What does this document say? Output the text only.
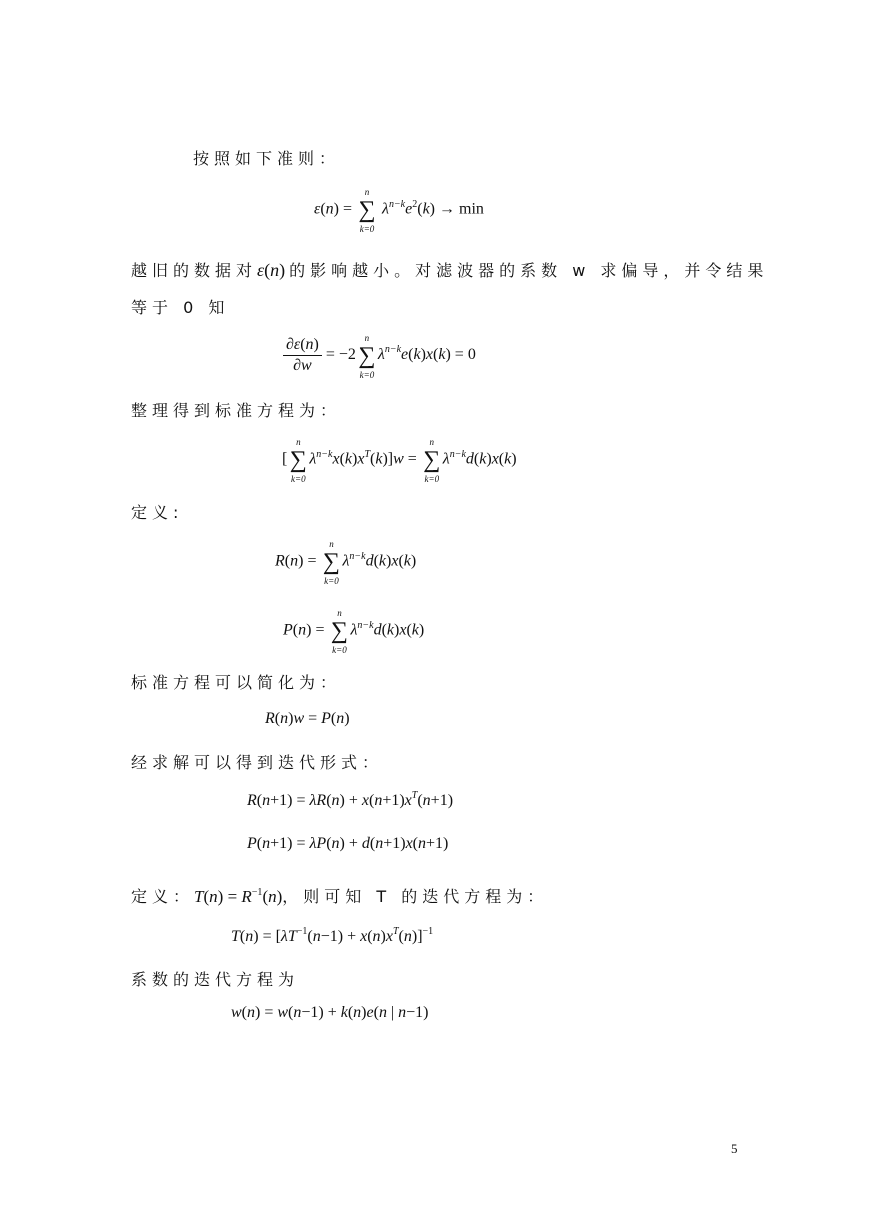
按照如下准则：
ε(n) =
n
∑
k=0
$\lambda^{n-k}e^2(k) \to \min$
越旧的数据对ε(n) 的影响越小。对滤波器的系数 w 求偏导，并令结果
等于 0 知
$\frac{\partial\varepsilon(n)}{\partial w} = -2$
n
∑
k=0
$\lambda^{n-k}e(k)x(k) = 0$
整理得到标准方程为：
[
n
∑
k=0
$\lambda^{n-k}x(k)x^T(k)]w$ =
n
∑
k=0
$\lambda^{n-k}d(k)x(k)$
定义:
R(n) =
n
∑
k=0
$\lambda^{n-k}d(k)x(k)$
P(n) =
n
∑
k=0
$\lambda^{n-k}d(k)x(k)$
标准方程可以简化为：
R(n)w = P(n)
经求解可以得到迭代形式：
$R(n+1) = \lambda R(n) + x(n+1)x^T(n+1)$
P(n+1) = λP(n) + d(n+1)x(n+1)
定义：$T(n) = R^{-1}(n)$，则可知 T 的迭代方程为：
$T(n) = [\lambda T^{-1}(n-1) + x(n)x^T(n)]^{-1}$
系数的迭代方程为
w(n) = w(n−1) + k(n)e(n | n−1)
5
